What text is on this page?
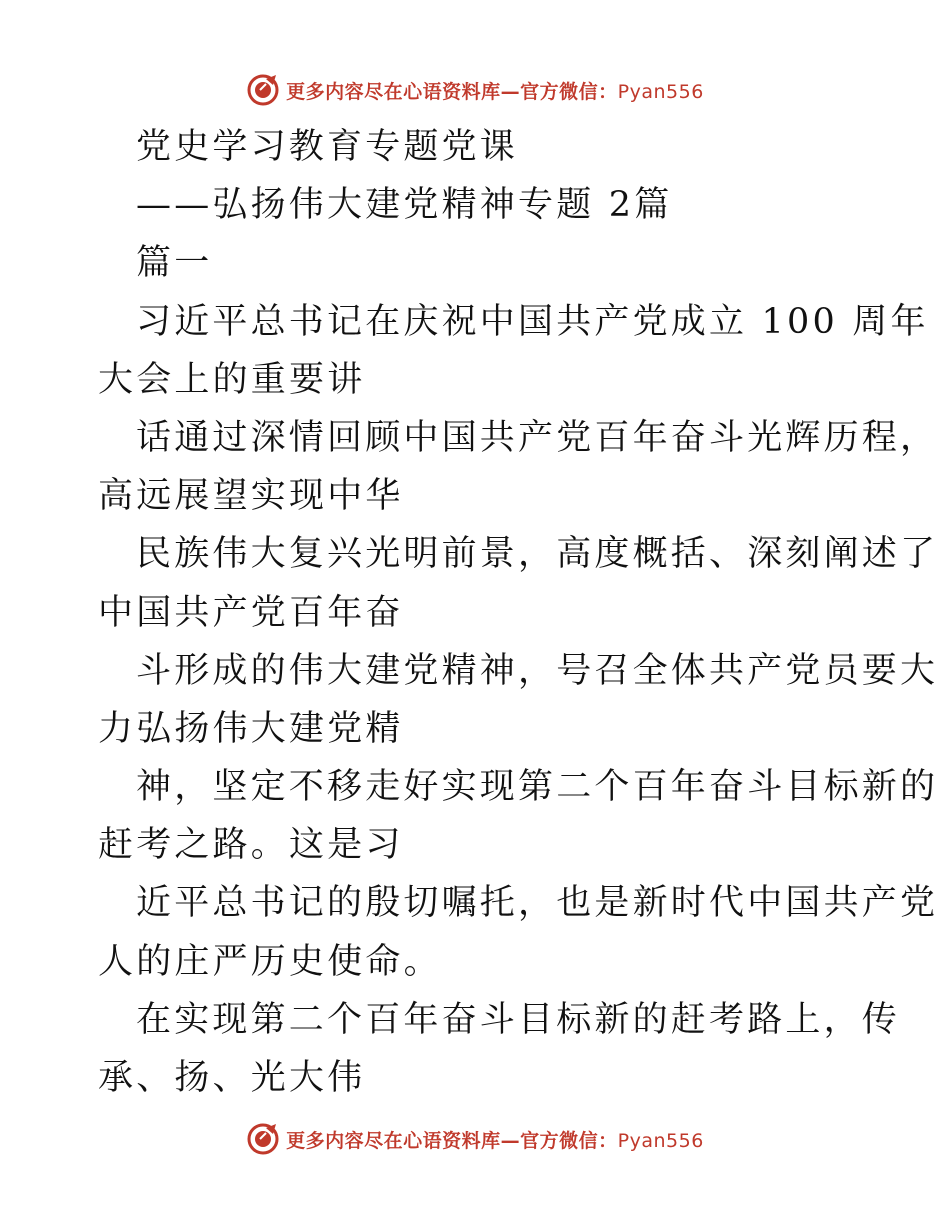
更多内容尽在心语资料库—官方微信：Pyan556
党史学习教育专题党课
——弘扬伟大建党精神专题 2篇
篇一
习近平总书记在庆祝中国共产党成立 100 周年
大会上的重要讲
话通过深情回顾中国共产党百年奋斗光辉历程，
高远展望实现中华
民族伟大复兴光明前景，高度概括、深刻阐述了
中国共产党百年奋
斗形成的伟大建党精神，号召全体共产党员要大
力弘扬伟大建党精
神，坚定不移走好实现第二个百年奋斗目标新的
赶考之路。这是习
近平总书记的殷切嘱托，也是新时代中国共产党
人的庄严历史使命。
在实现第二个百年奋斗目标新的赶考路上，传
承、扬、光大伟
更多内容尽在心语资料库—官方微信：Pyan556
